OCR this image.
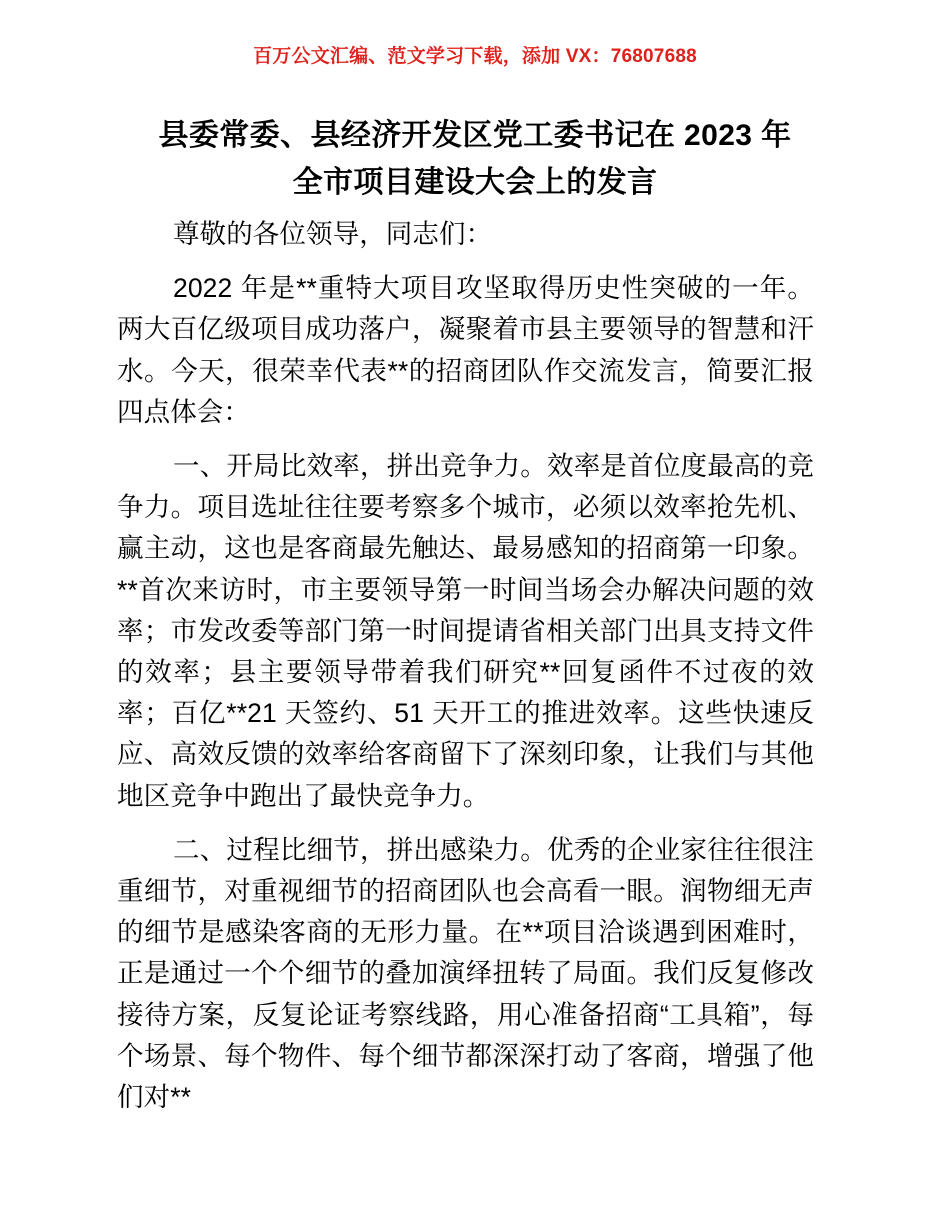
百万公文汇编、范文学习下载，添加 VX：76807688
县委常委、县经济开发区党工委书记在 2023 年
全市项目建设大会上的发言

尊敬的各位领导，同志们：

2022 年是**重特大项目攻坚取得历史性突破的一年。两大百亿级项目成功落户，凝聚着市县主要领导的智慧和汗水。今天，很荣幸代表**的招商团队作交流发言，简要汇报四点体会：

一、开局比效率，拼出竞争力。效率是首位度最高的竞争力。项目选址往往要考察多个城市，必须以效率抢先机、赢主动，这也是客商最先触达、最易感知的招商第一印象。**首次来访时，市主要领导第一时间当场会办解决问题的效率；市发改委等部门第一时间提请省相关部门出具支持文件的效率；县主要领导带着我们研究**回复函件不过夜的效率；百亿**21 天签约、51 天开工的推进效率。这些快速反应、高效反馈的效率给客商留下了深刻印象，让我们与其他地区竞争中跑出了最快竞争力。

二、过程比细节，拼出感染力。优秀的企业家往往很注重细节，对重视细节的招商团队也会高看一眼。润物细无声的细节是感染客商的无形力量。在**项目洽谈遇到困难时，正是通过一个个细节的叠加演绎扭转了局面。我们反复修改接待方案，反复论证考察线路，用心准备招商“工具箱”，每个场景、每个物件、每个细节都深深打动了客商，增强了他们对**
